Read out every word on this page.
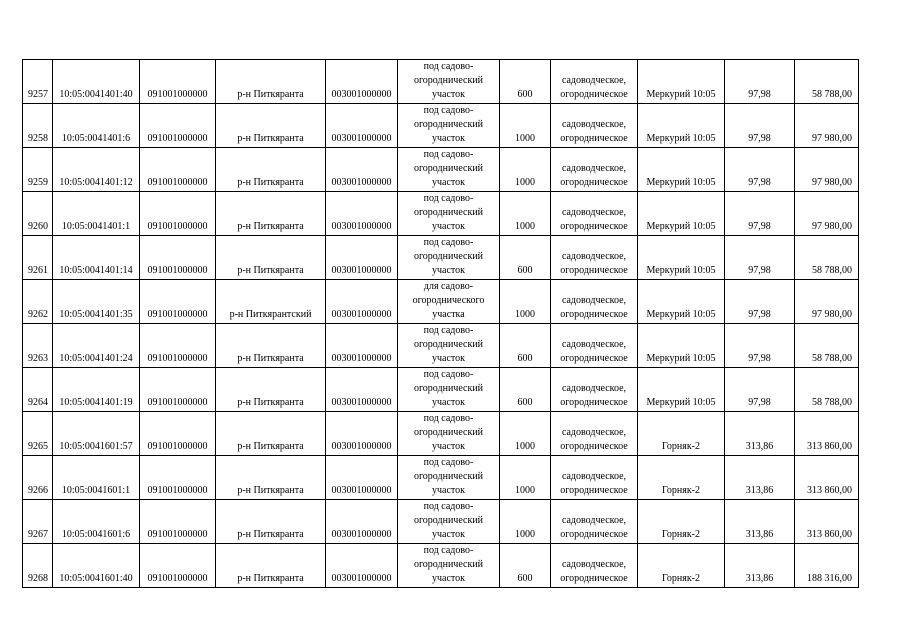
9257	10:05:0041401:40	091001000000	р-н Питкяранта	003001000000	под садово-огороднический участок	600	садоводческое, огородническое	Меркурий 10:05	97,98	58 788,00
9258	10:05:0041401:6	091001000000	р-н Питкяранта	003001000000	под садово-огороднический участок	1000	садоводческое, огородническое	Меркурий 10:05	97,98	97 980,00
9259	10:05:0041401:12	091001000000	р-н Питкяранта	003001000000	под садово-огороднический участок	1000	садоводческое, огородническое	Меркурий 10:05	97,98	97 980,00
9260	10:05:0041401:1	091001000000	р-н Питкяранта	003001000000	под садово-огороднический участок	1000	садоводческое, огородническое	Меркурий 10:05	97,98	97 980,00
9261	10:05:0041401:14	091001000000	р-н Питкяранта	003001000000	под садово-огороднический участок	600	садоводческое, огородническое	Меркурий 10:05	97,98	58 788,00
9262	10:05:0041401:35	091001000000	р-н Питкярантский	003001000000	для садово-огороднического участка	1000	садоводческое, огородническое	Меркурий 10:05	97,98	97 980,00
9263	10:05:0041401:24	091001000000	р-н Питкяранта	003001000000	под садово-огороднический участок	600	садоводческое, огородническое	Меркурий 10:05	97,98	58 788,00
9264	10:05:0041401:19	091001000000	р-н Питкяранта	003001000000	под садово-огороднический участок	600	садоводческое, огородническое	Меркурий 10:05	97,98	58 788,00
9265	10:05:0041601:57	091001000000	р-н Питкяранта	003001000000	под садово-огороднический участок	1000	садоводческое, огородническое	Горняк-2	313,86	313 860,00
9266	10:05:0041601:1	091001000000	р-н Питкяранта	003001000000	под садово-огороднический участок	1000	садоводческое, огородническое	Горняк-2	313,86	313 860,00
9267	10:05:0041601:6	091001000000	р-н Питкяранта	003001000000	под садово-огороднический участок	1000	садоводческое, огородническое	Горняк-2	313,86	313 860,00
9268	10:05:0041601:40	091001000000	р-н Питкяранта	003001000000	под садово-огороднический участок	600	садоводческое, огородническое	Горняк-2	313,86	188 316,00
